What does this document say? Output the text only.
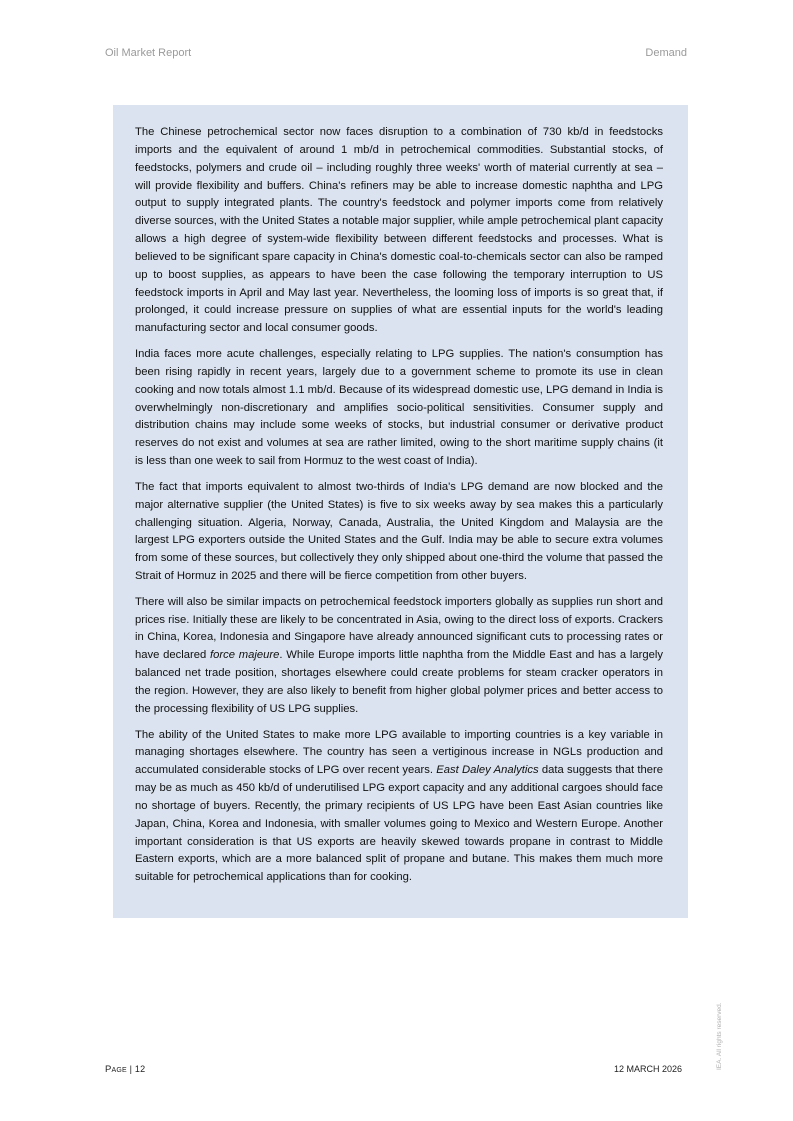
Oil Market Report	Demand

The Chinese petrochemical sector now faces disruption to a combination of 730 kb/d in feedstocks imports and the equivalent of around 1 mb/d in petrochemical commodities. Substantial stocks, of feedstocks, polymers and crude oil – including roughly three weeks' worth of material currently at sea – will provide flexibility and buffers. China's refiners may be able to increase domestic naphtha and LPG output to supply integrated plants. The country's feedstock and polymer imports come from relatively diverse sources, with the United States a notable major supplier, while ample petrochemical plant capacity allows a high degree of system-wide flexibility between different feedstocks and processes. What is believed to be significant spare capacity in China's domestic coal-to-chemicals sector can also be ramped up to boost supplies, as appears to have been the case following the temporary interruption to US feedstock imports in April and May last year. Nevertheless, the looming loss of imports is so great that, if prolonged, it could increase pressure on supplies of what are essential inputs for the world's leading manufacturing sector and local consumer goods.

India faces more acute challenges, especially relating to LPG supplies. The nation's consumption has been rising rapidly in recent years, largely due to a government scheme to promote its use in clean cooking and now totals almost 1.1 mb/d. Because of its widespread domestic use, LPG demand in India is overwhelmingly non-discretionary and amplifies socio-political sensitivities. Consumer supply and distribution chains may include some weeks of stocks, but industrial consumer or derivative product reserves do not exist and volumes at sea are rather limited, owing to the short maritime supply chains (it is less than one week to sail from Hormuz to the west coast of India).

The fact that imports equivalent to almost two-thirds of India's LPG demand are now blocked and the major alternative supplier (the United States) is five to six weeks away by sea makes this a particularly challenging situation. Algeria, Norway, Canada, Australia, the United Kingdom and Malaysia are the largest LPG exporters outside the United States and the Gulf. India may be able to secure extra volumes from some of these sources, but collectively they only shipped about one-third the volume that passed the Strait of Hormuz in 2025 and there will be fierce competition from other buyers.

There will also be similar impacts on petrochemical feedstock importers globally as supplies run short and prices rise. Initially these are likely to be concentrated in Asia, owing to the direct loss of exports. Crackers in China, Korea, Indonesia and Singapore have already announced significant cuts to processing rates or have declared force majeure. While Europe imports little naphtha from the Middle East and has a largely balanced net trade position, shortages elsewhere could create problems for steam cracker operators in the region. However, they are also likely to benefit from higher global polymer prices and better access to the processing flexibility of US LPG supplies.

The ability of the United States to make more LPG available to importing countries is a key variable in managing shortages elsewhere. The country has seen a vertiginous increase in NGLs production and accumulated considerable stocks of LPG over recent years. East Daley Analytics data suggests that there may be as much as 450 kb/d of underutilised LPG export capacity and any additional cargoes should face no shortage of buyers. Recently, the primary recipients of US LPG have been East Asian countries like Japan, China, Korea and Indonesia, with smaller volumes going to Mexico and Western Europe. Another important consideration is that US exports are heavily skewed towards propane in contrast to Middle Eastern exports, which are a more balanced split of propane and butane. This makes them much more suitable for petrochemical applications than for cooking.

PAGE | 12	12 MARCH 2026	IEA. All rights reserved.
